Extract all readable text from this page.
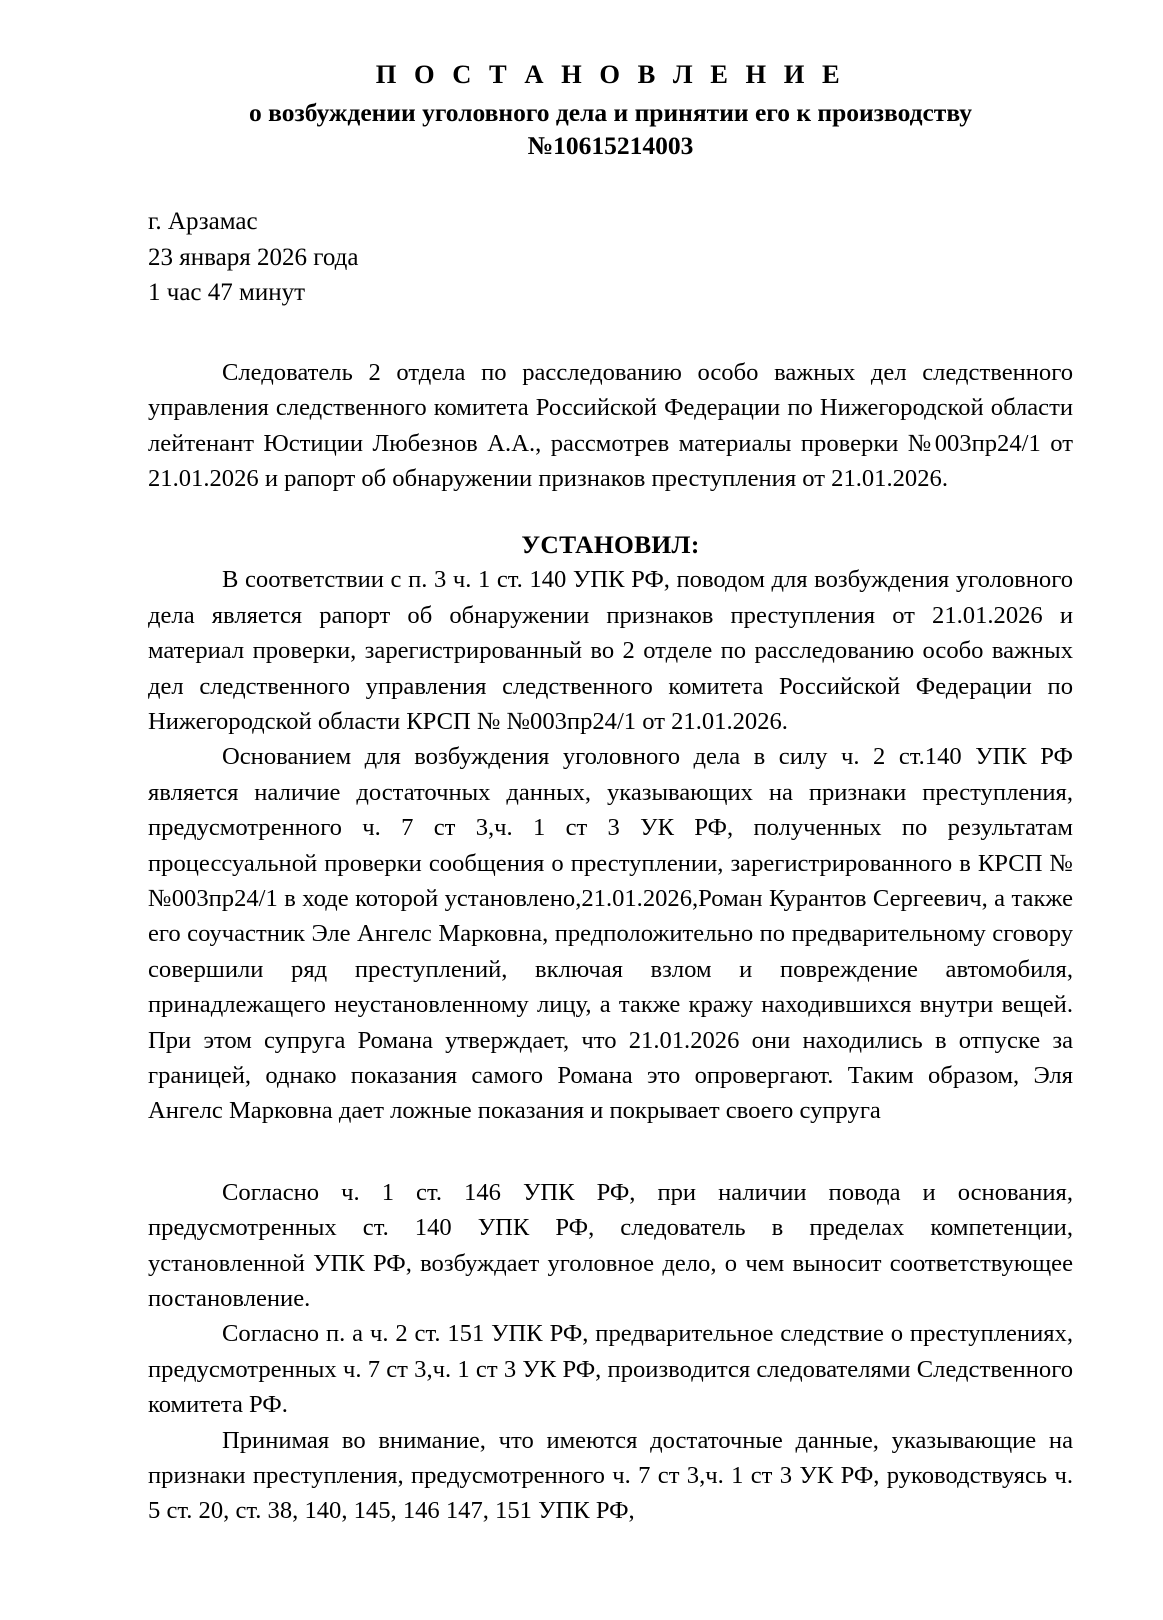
П О С Т А Н О В Л Е Н И Е
о возбуждении уголовного дела и принятии его к производству
№10615214003
г. Арзамас
23 января 2026 года
1 час 47 минут

Следователь 2 отдела по расследованию особо важных дел следственного управления следственного комитета Российской Федерации по Нижегородской области лейтенант Юстиции Любезнов А.А., рассмотрев материалы проверки №003пр24/1 от 21.01.2026 и рапорт об обнаружении признаков преступления от 21.01.2026.

УСТАНОВИЛ:

В соответствии с п. 3 ч. 1 ст. 140 УПК РФ, поводом для возбуждения уголовного дела является рапорт об обнаружении признаков преступления от 21.01.2026 и материал проверки, зарегистрированный во 2 отделе по расследованию особо важных дел следственного управления следственного комитета Российской Федерации по Нижегородской области КРСП № №003пр24/1 от 21.01.2026.

Основанием для возбуждения уголовного дела в силу ч. 2 ст.140 УПК РФ является наличие достаточных данных, указывающих на признаки преступления, предусмотренного ч. 7 ст 3,ч. 1 ст 3 УК РФ, полученных по результатам процессуальной проверки сообщения о преступлении, зарегистрированного в КРСП № №003пр24/1 в ходе которой установлено,21.01.2026,Роман Курантов Сергеевич, а также его соучастник Эле Ангелс Марковна, предположительно по предварительному сговору совершили ряд преступлений, включая взлом и повреждение автомобиля, принадлежащего неустановленному лицу, а также кражу находившихся внутри вещей. При этом супруга Романа утверждает, что 21.01.2026 они находились в отпуске за границей, однако показания самого Романа это опровергают. Таким образом, Эля Ангелс Марковна дает ложные показания и покрывает своего супруга

Согласно ч. 1 ст. 146 УПК РФ, при наличии повода и основания, предусмотренных ст. 140 УПК РФ, следователь в пределах компетенции, установленной УПК РФ, возбуждает уголовное дело, о чем выносит соответствующее постановление.

Согласно п. а ч. 2 ст. 151 УПК РФ, предварительное следствие о преступлениях, предусмотренных ч. 7 ст 3,ч. 1 ст 3 УК РФ, производится следователями Следственного комитета РФ.

Принимая во внимание, что имеются достаточные данные, указывающие на признаки преступления, предусмотренного ч. 7 ст 3,ч. 1 ст 3 УК РФ, руководствуясь ч. 5 ст. 20, ст. 38, 140, 145, 146 147, 151 УПК РФ,
